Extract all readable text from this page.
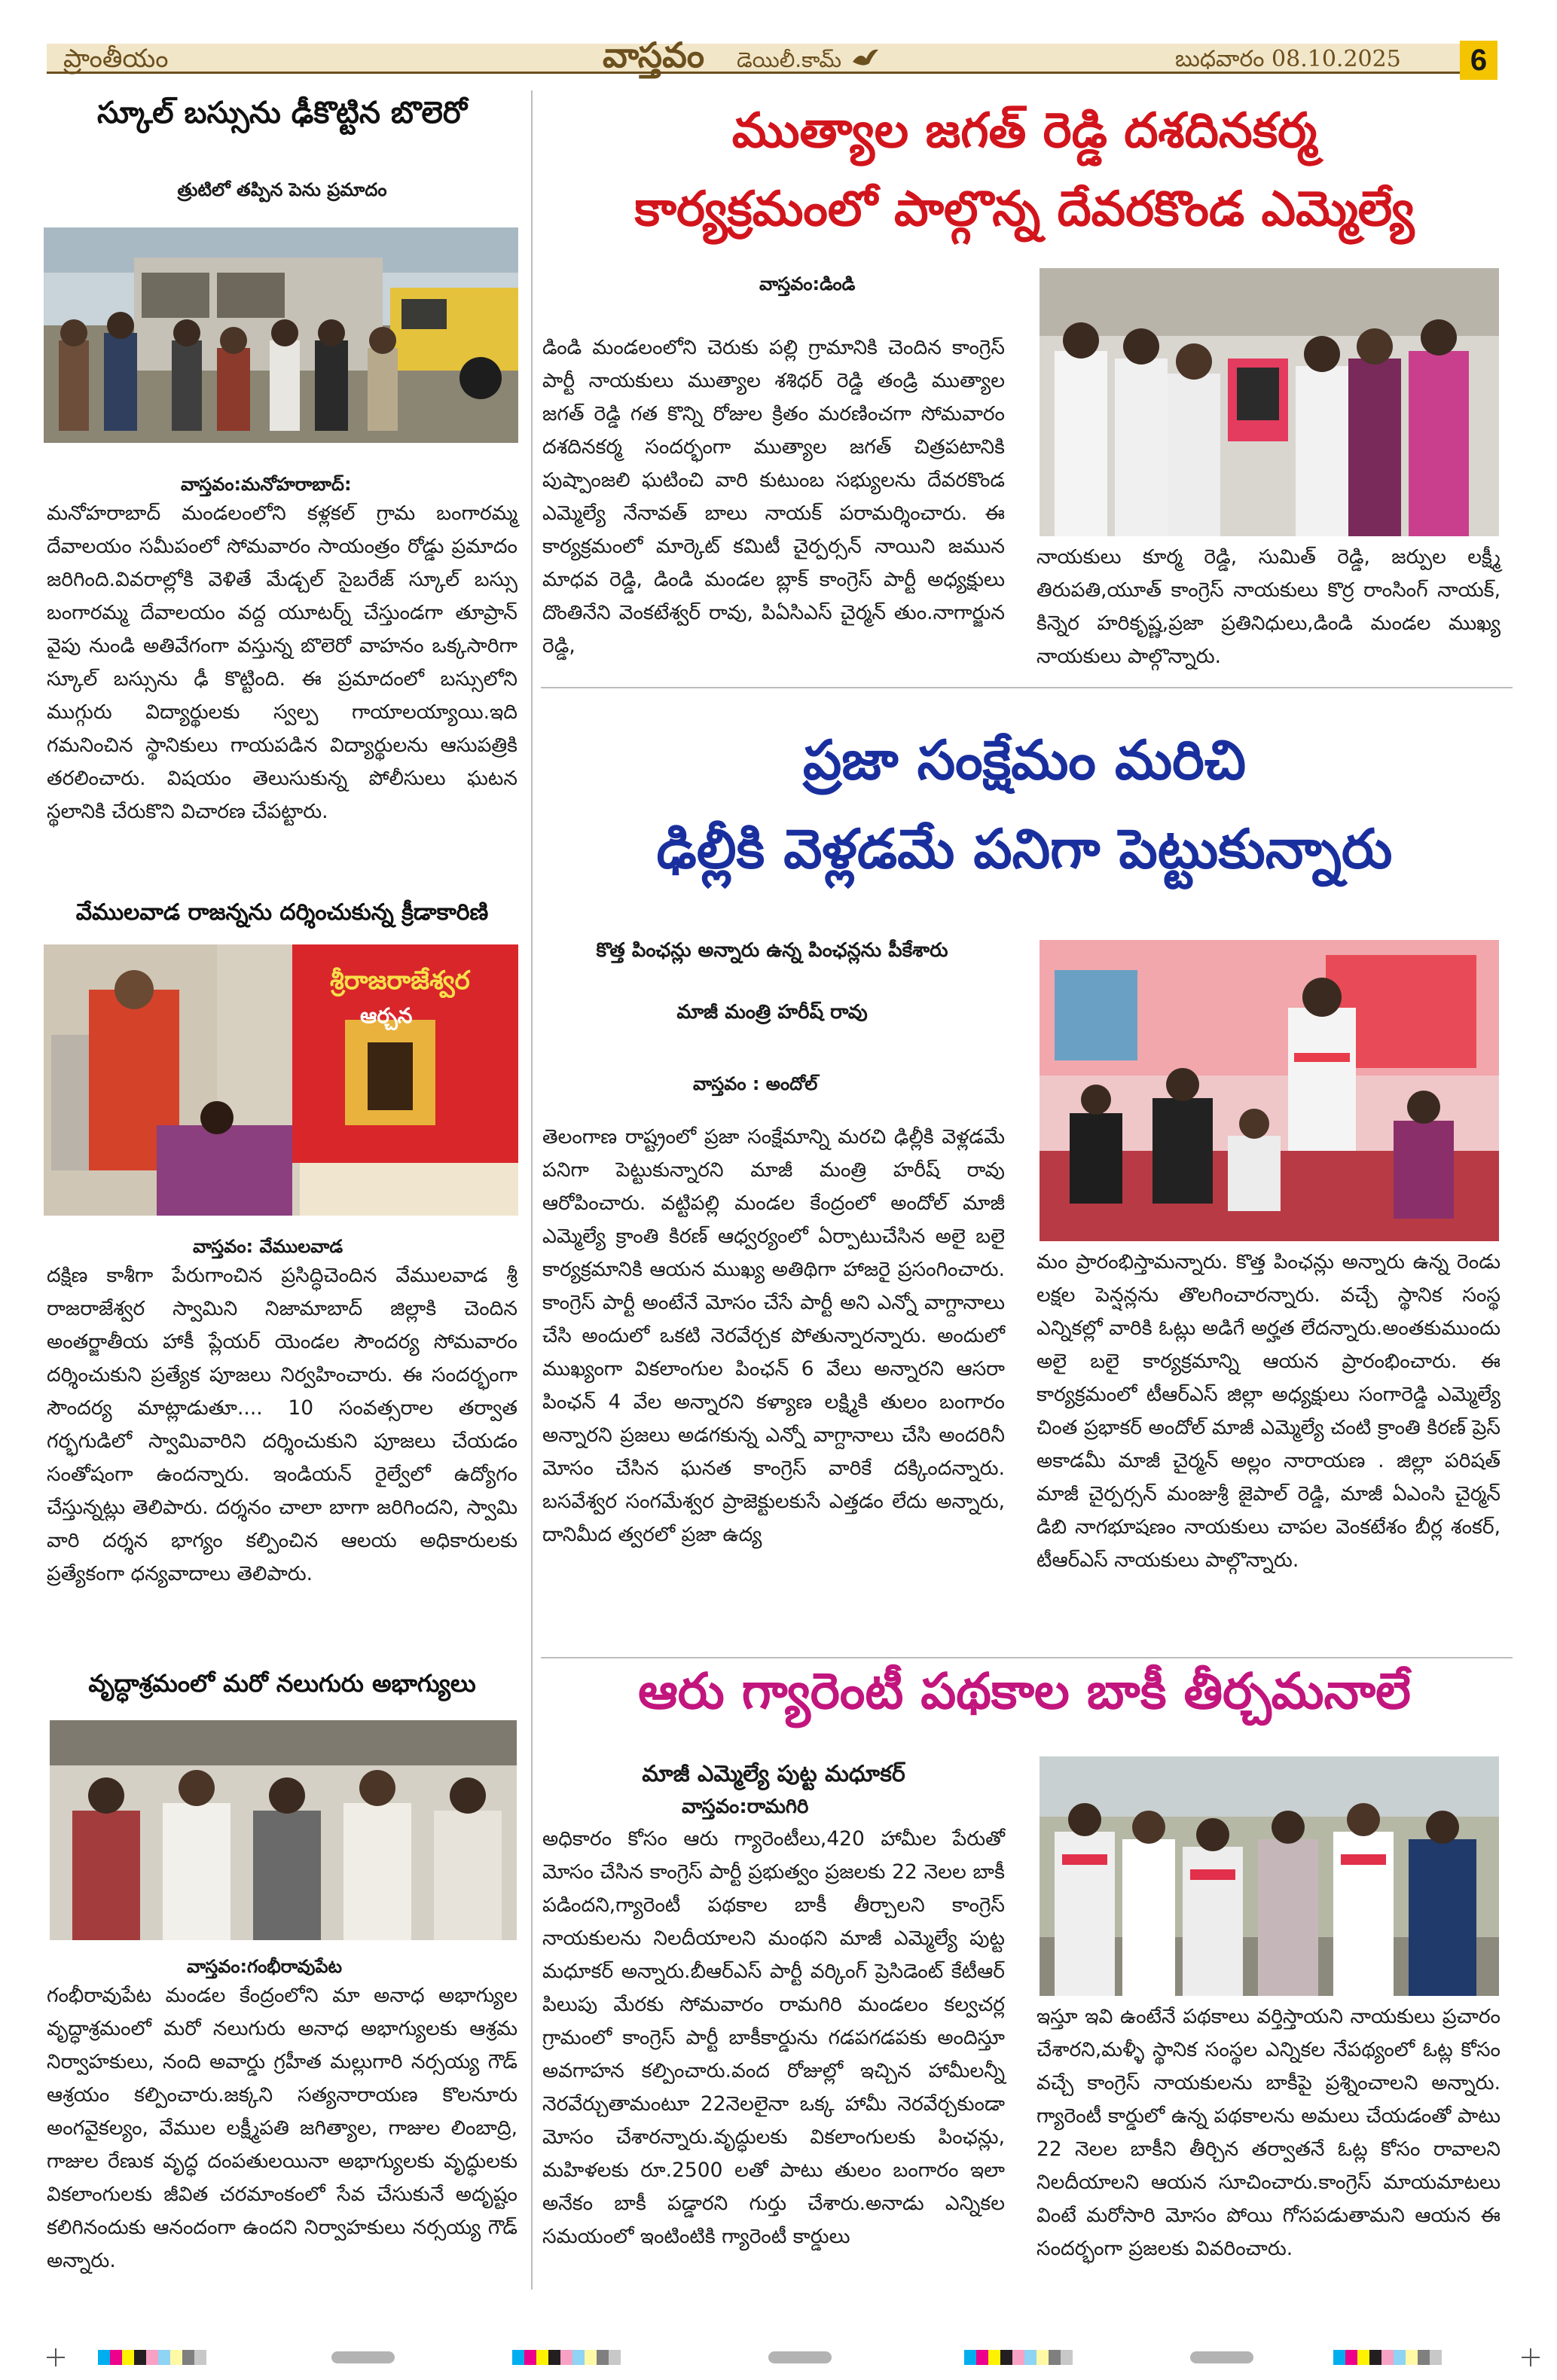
ప్రాంతీయం	వాస్తవం డెయిలీ.కామ్	బుధవారం 08.10.2025	6
స్కూల్ బస్సును ఢీకొట్టిన బొలెరో
త్రుటిలో తప్పిన పెను ప్రమాదం
వాస్తవం:మనోహరాబాద్:
మనోహరాబాద్ మండలంలోని కళ్లకల్ గ్రామ బంగారమ్మ దేవాలయం సమీపంలో సోమవారం సాయంత్రం రోడ్డు ప్రమాదం జరిగింది.వివరాల్లోకి వెళితే మేడ్చల్ సైబరేజ్ స్కూల్ బస్సు బంగారమ్మ దేవాలయం వద్ద యూటర్న్ చేస్తుండగా తూప్రాన్ వైపు నుండి అతివేగంగా వస్తున్న బొలెరో వాహనం ఒక్కసారిగా స్కూల్ బస్సును ఢీ కొట్టింది. ఈ ప్రమాదంలో బస్సులోని ముగ్గురు విద్యార్థులకు స్వల్ప గాయాలయ్యాయి.ఇది గమనించిన స్థానికులు గాయపడిన విద్యార్థులను ఆసుపత్రికి తరలించారు. విషయం తెలుసుకున్న పోలీసులు ఘటన స్థలానికి చేరుకొని విచారణ చేపట్టారు.
వేములవాడ రాజన్నను దర్శించుకున్న క్రీడాకారిణి
శ్రీరాజరాజేశ్వర
ఆర్చన
వాస్తవం: వేములవాడ
దక్షిణ కాశీగా పేరుగాంచిన ప్రసిద్ధిచెందిన వేములవాడ శ్రీ రాజరాజేశ్వర స్వామిని నిజామాబాద్ జిల్లాకి చెందిన అంతర్జాతీయ హాకీ ప్లేయర్ యెండల సౌందర్య సోమవారం దర్శించుకుని ప్రత్యేక పూజలు నిర్వహించారు. ఈ సందర్భంగా సౌందర్య మాట్లాడుతూ.... 10 సంవత్సరాల తర్వాత గర్భగుడిలో స్వామివారిని దర్శించుకుని పూజలు చేయడం సంతోషంగా ఉందన్నారు. ఇండియన్ రైల్వేలో ఉద్యోగం చేస్తున్నట్లు తెలిపారు. దర్శనం చాలా బాగా జరిగిందని, స్వామి వారి దర్శన భాగ్యం కల్పించిన ఆలయ అధికారులకు ప్రత్యేకంగా ధన్యవాదాలు తెలిపారు.
వృద్ధాశ్రమంలో మరో నలుగురు అభాగ్యులు
వాస్తవం:గంభీరావుపేట
గంభీరావుపేట మండల కేంద్రంలోని మా అనాధ అభాగ్యుల వృద్ధాశ్రమంలో మరో నలుగురు అనాధ అభాగ్యులకు ఆశ్రమ నిర్వాహకులు, నంది అవార్డు గ్రహీత మల్లుగారి నర్సయ్య గౌడ్ ఆశ్రయం కల్పించారు.జక్కని సత్యనారాయణ కొలనూరు అంగవైకల్యం, వేముల లక్ష్మీపతి జగిత్యాల, గాజుల లింబాద్రి, గాజుల రేణుక వృద్ధ దంపతులయినా అభాగ్యులకు వృద్ధులకు వికలాంగులకు జీవిత చరమాంకంలో సేవ చేసుకునే అదృష్టం కలిగినందుకు ఆనందంగా ఉందని నిర్వాహకులు నర్సయ్య గౌడ్ అన్నారు.
ముత్యాల జగత్ రెడ్డి దశదినకర్మ
కార్యక్రమంలో పాల్గొన్న దేవరకొండ ఎమ్మెల్యే
వాస్తవం:డిండి
డిండి మండలంలోని చెరుకు పల్లి గ్రామానికి చెందిన కాంగ్రెస్ పార్టీ నాయకులు ముత్యాల శశిధర్ రెడ్డి తండ్రి ముత్యాల జగత్ రెడ్డి గత కొన్ని రోజుల క్రితం మరణించగా సోమవారం దశదినకర్మ సందర్భంగా ముత్యాల జగత్ చిత్రపటానికి పుష్పాంజలి ఘటించి వారి కుటుంబ సభ్యులను దేవరకొండ ఎమ్మెల్యే నేనావత్ బాలు నాయక్ పరామర్శించారు. ఈ కార్యక్రమంలో మార్కెట్ కమిటీ చైర్పర్సన్ నాయిని జమున మాధవ రెడ్డి, డిండి మండల బ్లాక్ కాంగ్రెస్ పార్టీ అధ్యక్షులు దొంతినేని వెంకటేశ్వర్ రావు, పిఏసిఎస్ చైర్మన్ తుం.నాగార్జున రెడ్డి,
నాయకులు కూర్మ రెడ్డి, సుమిత్ రెడ్డి, జర్పుల లక్ష్మీ తిరుపతి,యూత్ కాంగ్రెస్ నాయకులు కొర్ర రాంసింగ్ నాయక్, కిన్నెర హరికృష్ణ,ప్రజా ప్రతినిధులు,డిండి మండల ముఖ్య నాయకులు పాల్గొన్నారు.
ప్రజా సంక్షేమం మరిచి
ఢిల్లీకి వెళ్లడమే పనిగా పెట్టుకున్నారు
కొత్త పింఛన్లు అన్నారు ఉన్న పింఛన్లను పీకేశారు
మాజీ మంత్రి హరీష్ రావు
వాస్తవం : అందోల్
తెలంగాణ రాష్ట్రంలో ప్రజా సంక్షేమాన్ని మరచి ఢిల్లీకి వెళ్లడమే పనిగా పెట్టుకున్నారని మాజీ మంత్రి హరీష్ రావు ఆరోపించారు. వట్టిపల్లి మండల కేంద్రంలో అందోల్ మాజీ ఎమ్మెల్యే క్రాంతి కిరణ్ ఆధ్వర్యంలో ఏర్పాటుచేసిన అలై బలై కార్యక్రమానికి ఆయన ముఖ్య అతిథిగా హాజరై ప్రసంగించారు. కాంగ్రెస్ పార్టీ అంటేనే మోసం చేసే పార్టీ అని ఎన్నో వాగ్దానాలు చేసి అందులో ఒకటి నెరవేర్చక పోతున్నారన్నారు. అందులో ముఖ్యంగా వికలాంగుల పింఛన్ 6 వేలు అన్నారని ఆసరా పింఛన్ 4 వేల అన్నారని కళ్యాణ లక్ష్మికి తులం బంగారం అన్నారని ప్రజలు అడగకున్న ఎన్నో వాగ్దానాలు చేసి అందరినీ మోసం చేసిన ఘనత కాంగ్రెస్ వారికే దక్కిందన్నారు. బసవేశ్వర సంగమేశ్వర ప్రాజెక్టులకుసే ఎత్తడం లేదు అన్నారు, దానిమీద త్వరలో ప్రజా ఉద్య
మం ప్రారంభిస్తామన్నారు. కొత్త పింఛన్లు అన్నారు ఉన్న రెండు లక్షల పెన్షన్లను తొలగించారన్నారు. వచ్చే స్థానిక సంస్థ ఎన్నికల్లో వారికి ఓట్లు అడిగే అర్హత లేదన్నారు.అంతకుముందు అలై బలై కార్యక్రమాన్ని ఆయన ప్రారంభించారు. ఈ కార్యక్రమంలో టీఆర్ఎస్ జిల్లా అధ్యక్షులు సంగారెడ్డి ఎమ్మెల్యే చింత ప్రభాకర్ అందోల్ మాజీ ఎమ్మెల్యే చంటి క్రాంతి కిరణ్ ప్రెస్ అకాడమీ మాజీ చైర్మన్ అల్లం నారాయణ . జిల్లా పరిషత్ మాజీ చైర్పర్సన్ మంజుశ్రీ జైపాల్ రెడ్డి, మాజీ ఏఎంసి చైర్మన్ డిబి నాగభూషణం నాయకులు చాపల వెంకటేశం బీర్ల శంకర్, టీఆర్ఎస్ నాయకులు పాల్గొన్నారు.
ఆరు గ్యారెంటీ పథకాల బాకీ తీర్చమనాలే
మాజీ ఎమ్మెల్యే పుట్ట మధూకర్
వాస్తవం:రామగిరి
అధికారం కోసం ఆరు గ్యారెంటీలు,420 హామీల పేరుతో మోసం చేసిన కాంగ్రెస్ పార్టీ ప్రభుత్వం ప్రజలకు 22 నెలల బాకీ పడిందని,గ్యారెంటీ పథకాల బాకీ తీర్చాలని కాంగ్రెస్ నాయకులను నిలదీయాలని మంథని మాజీ ఎమ్మెల్యే పుట్ట మధూకర్ అన్నారు.బీఆర్ఎస్ పార్టీ వర్కింగ్ ప్రెసిడెంట్ కేటీఆర్ పిలుపు మేరకు సోమవారం రామగిరి మండలం కల్వచర్ల గ్రామంలో కాంగ్రెస్ పార్టీ బాకీకార్డును గడపగడపకు అందిస్తూ అవగాహన కల్పించారు.వంద రోజుల్లో ఇచ్చిన హామీలన్నీ నెరవేర్చుతామంటూ 22నెలలైనా ఒక్క హామీ నెరవేర్చకుండా మోసం చేశారన్నారు.వృద్ధులకు వికలాంగులకు పింఛన్లు, మహిళలకు రూ.2500 లతో పాటు తులం బంగారం ఇలా అనేకం బాకీ పడ్డారని గుర్తు చేశారు.అనాడు ఎన్నికల సమయంలో ఇంటింటికి గ్యారెంటీ కార్డులు
ఇస్తూ ఇవి ఉంటేనే పథకాలు వర్తిస్తాయని నాయకులు ప్రచారం చేశారని,మళ్ళీ స్థానిక సంస్థల ఎన్నికల నేపథ్యంలో ఓట్ల కోసం వచ్చే కాంగ్రెస్ నాయకులను బాకీపై ప్రశ్నించాలని అన్నారు. గ్యారెంటీ కార్డులో ఉన్న పథకాలను అమలు చేయడంతో పాటు 22 నెలల బాకీని తీర్చిన తర్వాతనే ఓట్ల కోసం రావాలని నిలదీయాలని ఆయన సూచించారు.కాంగ్రెస్ మాయమాటలు వింటే మరోసారి మోసం పోయి గోసపడుతామని ఆయన ఈ సందర్భంగా ప్రజలకు వివరించారు.
